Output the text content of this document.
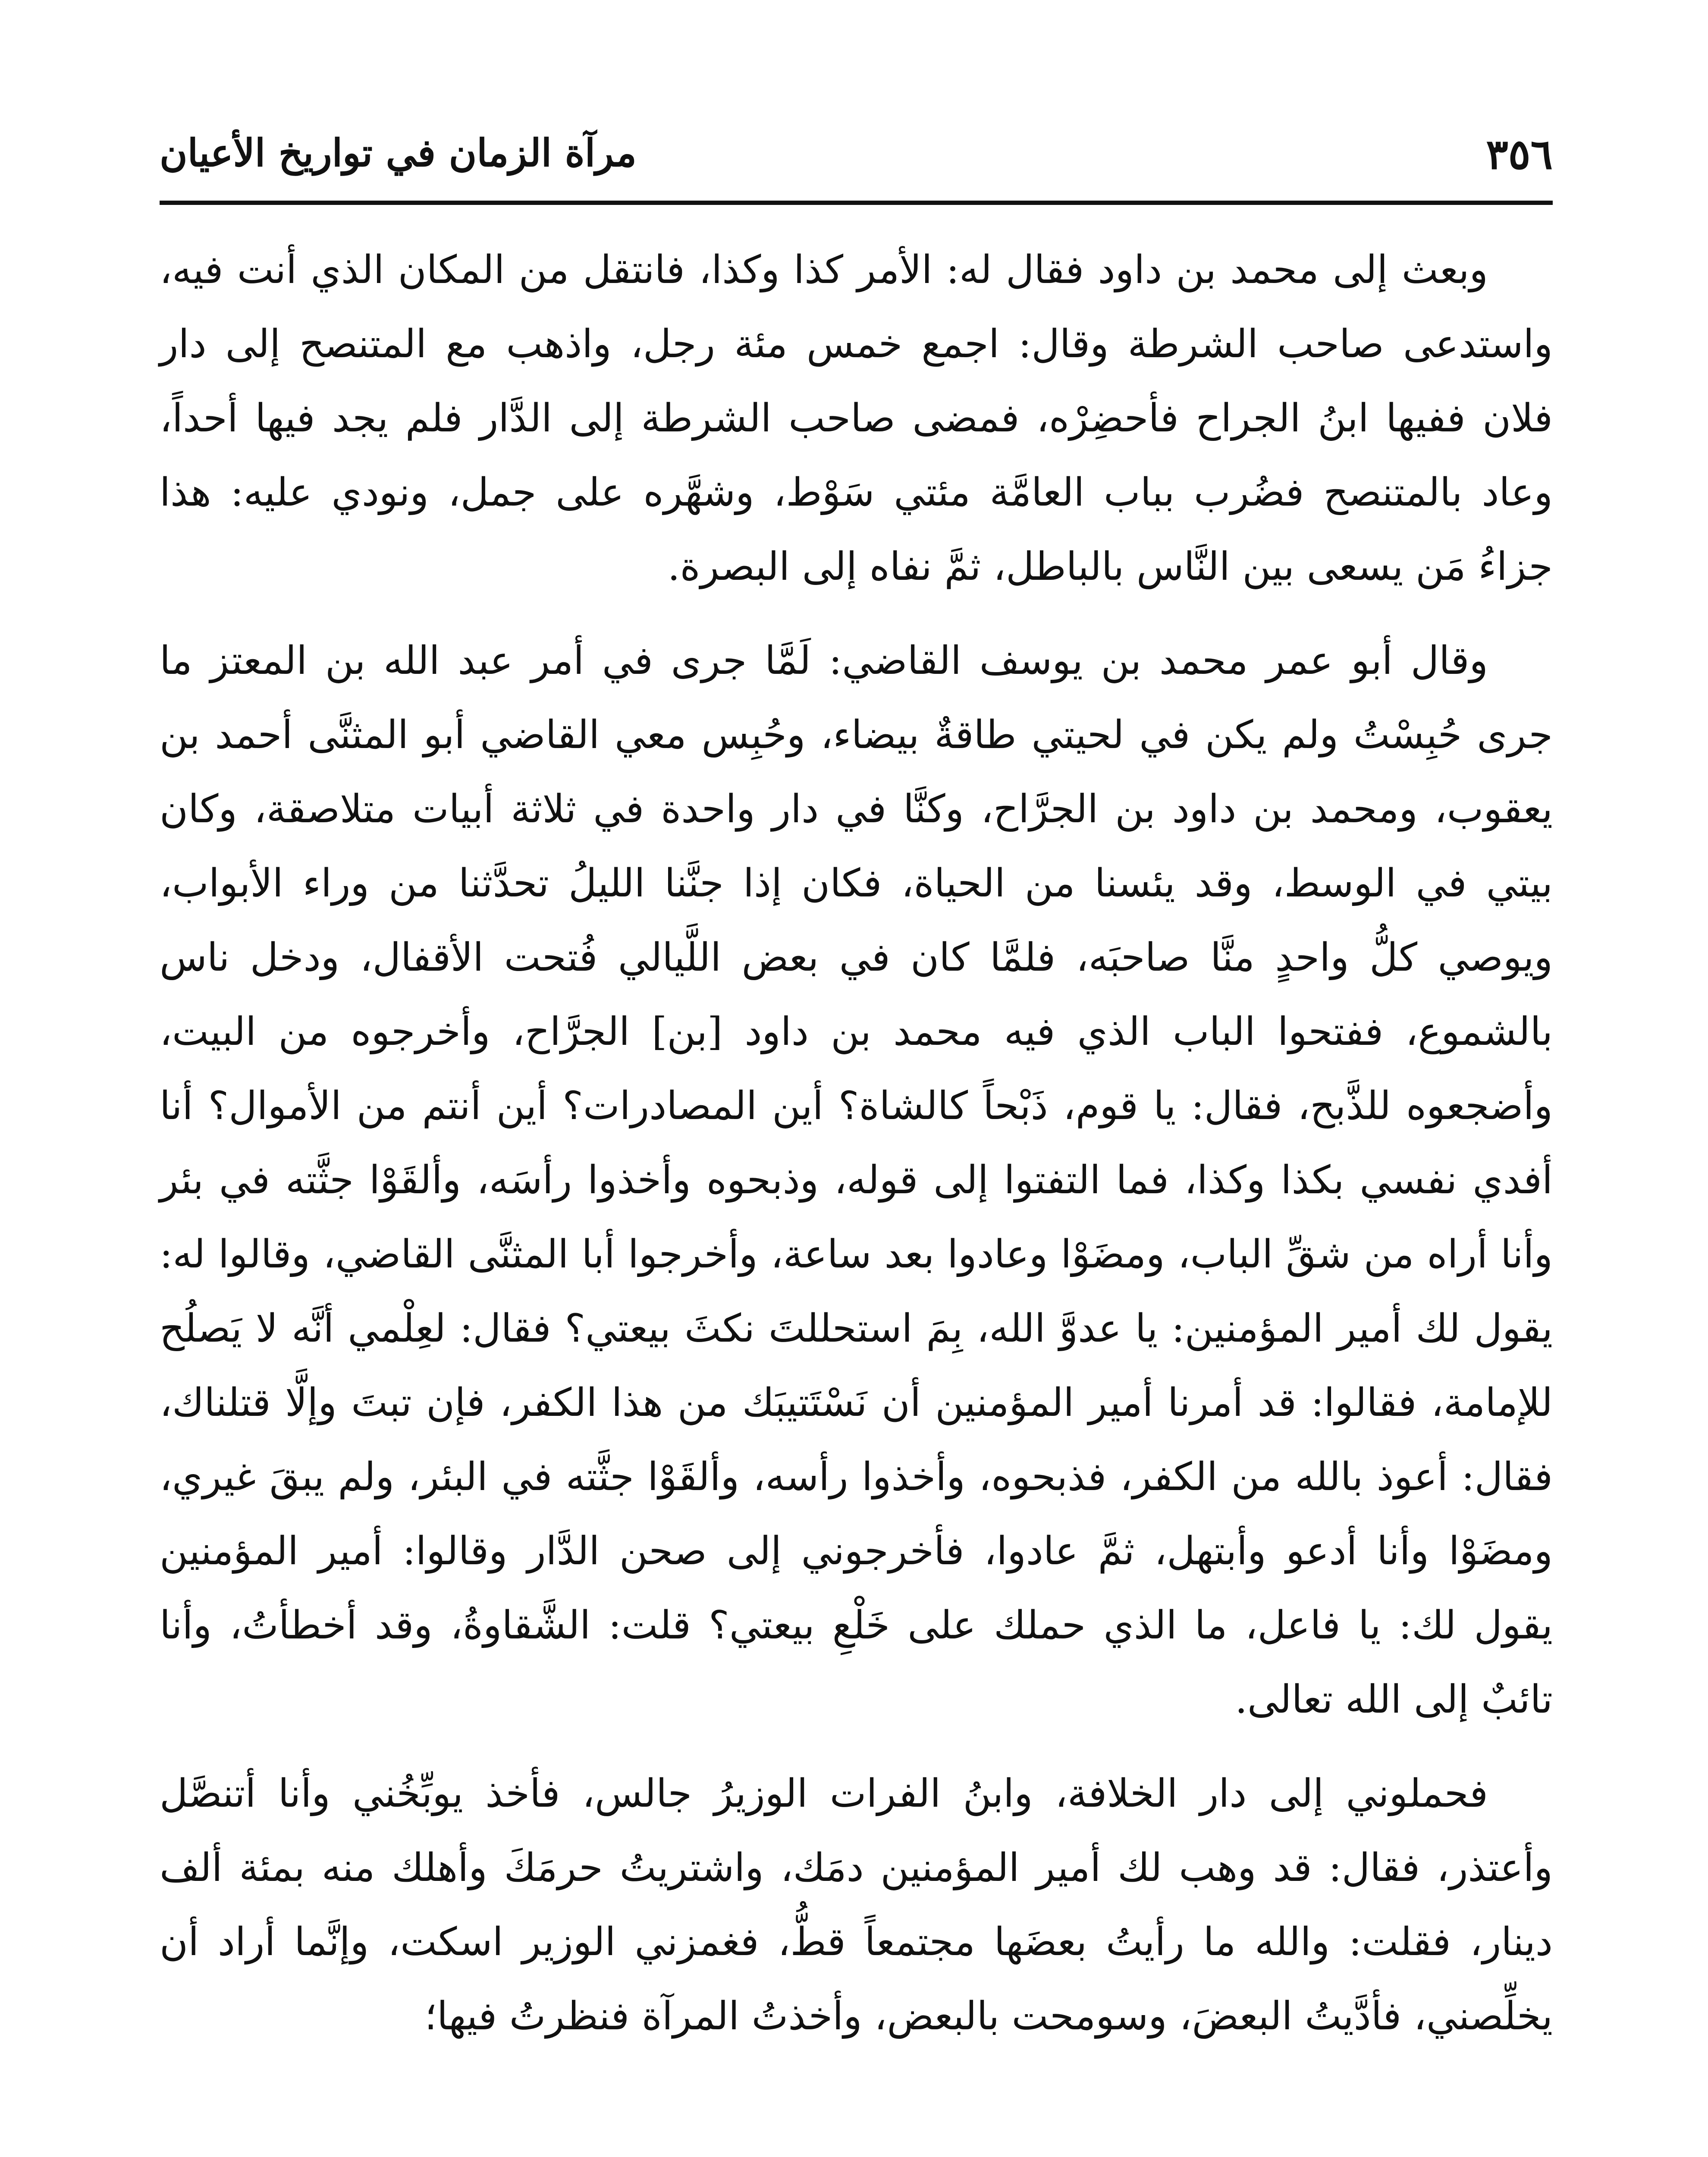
٣٥٦
مرآة الزمان في تواريخ الأعيان

وبعث إلى محمد بن داود فقال له: الأمر كذا وكذا، فانتقل من المكان الذي أنت فيه، واستدعى صاحب الشرطة وقال: اجمع خمس مئة رجل، واذهب مع المتنصح إلى دار فلان ففيها ابنُ الجراح فأحضِرْه، فمضى صاحب الشرطة إلى الدَّار فلم يجد فيها أحداً، وعاد بالمتنصح فضُرب بباب العامَّة مئتي سَوْط، وشهَّره على جمل، ونودي عليه: هذا جزاءُ مَن يسعى بين النَّاس بالباطل، ثمَّ نفاه إلى البصرة.

وقال أبو عمر محمد بن يوسف القاضي: لَمَّا جرى في أمر عبد الله بن المعتز ما جرى حُبِسْتُ ولم يكن في لحيتي طاقةٌ بيضاء، وحُبِس معي القاضي أبو المثنَّى أحمد بن يعقوب، ومحمد بن داود بن الجرَّاح، وكنَّا في دار واحدة في ثلاثة أبيات متلاصقة، وكان بيتي في الوسط، وقد يئسنا من الحياة، فكان إذا جنَّنا الليلُ تحدَّثنا من وراء الأبواب، ويوصي كلُّ واحدٍ منَّا صاحبَه، فلمَّا كان في بعض اللَّيالي فُتحت الأقفال، ودخل ناس بالشموع، ففتحوا الباب الذي فيه محمد بن داود [بن] الجرَّاح، وأخرجوه من البيت، وأضجعوه للذَّبح، فقال: يا قوم، ذَبْحاً كالشاة؟ أين المصادرات؟ أين أنتم من الأموال؟ أنا أفدي نفسي بكذا وكذا، فما التفتوا إلى قوله، وذبحوه وأخذوا رأسَه، وألقَوْا جثَّته في بئر وأنا أراه من شقِّ الباب، ومضَوْا وعادوا بعد ساعة، وأخرجوا أبا المثنَّى القاضي، وقالوا له: يقول لك أمير المؤمنين: يا عدوَّ الله، بِمَ استحللتَ نكثَ بيعتي؟ فقال: لعِلْمي أنَّه لا يَصلُح للإمامة، فقالوا: قد أمرنا أمير المؤمنين أن نَسْتَتيبَك من هذا الكفر، فإن تبتَ وإلَّا قتلناك، فقال: أعوذ بالله من الكفر، فذبحوه، وأخذوا رأسه، وألقَوْا جثَّته في البئر، ولم يبقَ غيري، ومضَوْا وأنا أدعو وأبتهل، ثمَّ عادوا، فأخرجوني إلى صحن الدَّار وقالوا: أمير المؤمنين يقول لك: يا فاعل، ما الذي حملك على خَلْعِ بيعتي؟ قلت: الشَّقاوةُ، وقد أخطأتُ، وأنا تائبٌ إلى الله تعالى.

فحملوني إلى دار الخلافة، وابنُ الفرات الوزيرُ جالس، فأخذ يوبِّخُني وأنا أتنصَّل وأعتذر، فقال: قد وهب لك أمير المؤمنين دمَك، واشتريتُ حرمَكَ وأهلك منه بمئة ألف دينار، فقلت: والله ما رأيتُ بعضَها مجتمعاً قطُّ، فغمزني الوزير اسكت، وإنَّما أراد أن يخلِّصني، فأدَّيتُ البعضَ، وسومحت بالبعض، وأخذتُ المرآة فنظرتُ فيها؛
